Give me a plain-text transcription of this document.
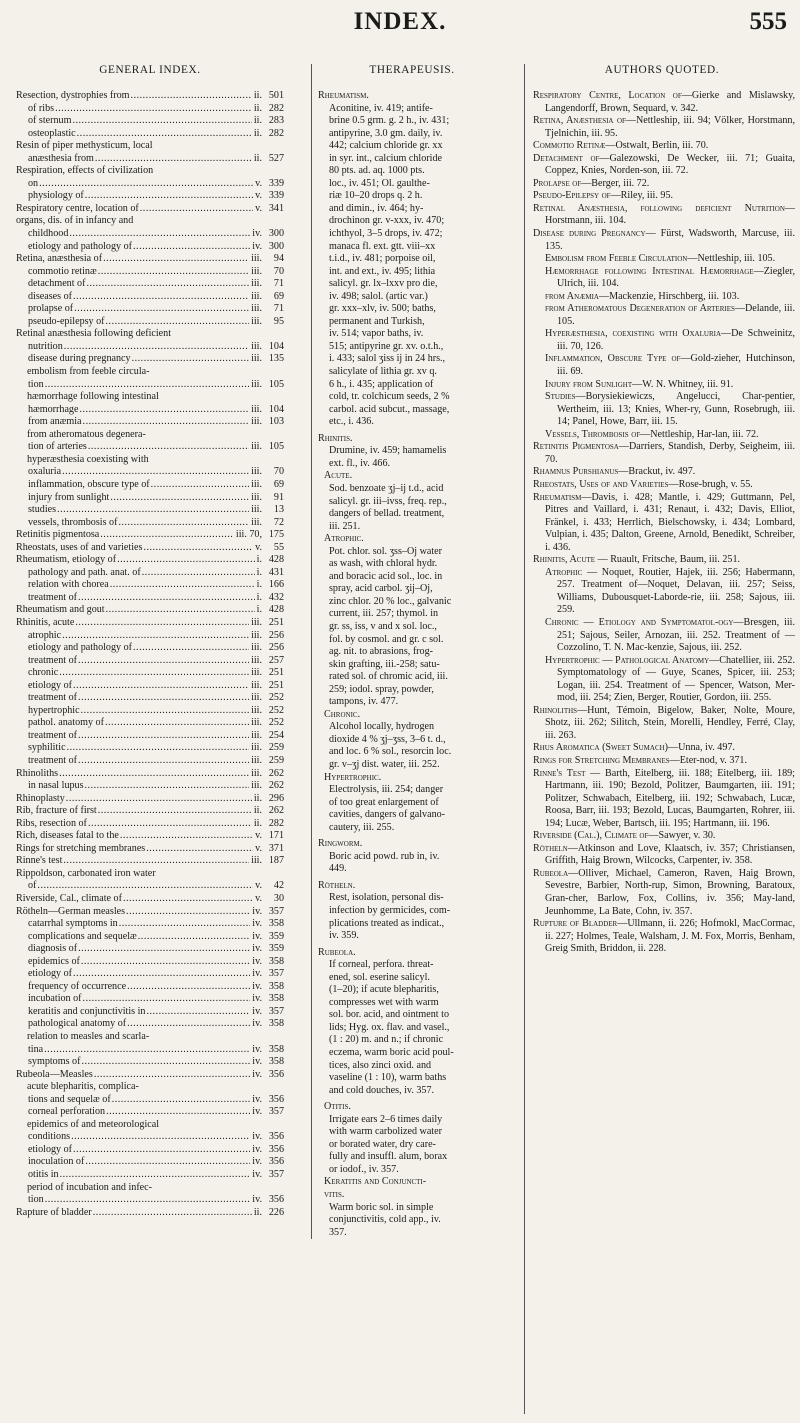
INDEX.	555
GENERAL INDEX.
Resection, dystrophies from .....	ii. 501
of ribs .....	ii. 282
of sternum .....	ii. 283
osteoplastic .....	ii. 282
Resin of piper methysticum, local
anæsthesia from .....	ii. 527
Respiration, effects of civilization
on .....	v. 339
physiology of .....	v. 339
Respiratory centre, location of .....	v. 341
organs, dis. of in infancy and
childhood .....	iv. 300
etiology and pathology of .....	iv. 300
Retina, anæsthesia of .....	iii.	94
commotio retinæ .....	iii.	70
detachment of .....	iii.	71
diseases of .....	iii.	69
prolapse of .....	iii.	71
pseudo-epilepsy of .....	iii.	95
Retinal anæsthesia following deficient
nutrition .....	iii. 104
disease during pregnancy .....	iii. 135
embolism from feeble circula-
tion .....	iii. 105
hæmorrhage following intestinal
hæmorrhage .....	iii. 104
from anæmia .....	iii. 103
from atheromatous degenera-
tion of arteries .....	iii. 105
hyperæsthesia coexisting with
oxaluria .....	iii.	70
inflammation, obscure type of .....	iii.	69
injury from sunlight .....	iii.	91
studies .....	iii.	13
vessels, thrombosis of .....	iii.	72
Retinitis pigmentosa .....	iii. 70, 175
Rheostats, uses of and varieties .....	v.	55
Rheumatism, etiology of .....	i. 428
pathology and path. anat. of .....	i. 431
relation with chorea .....	i. 166
treatment of .....	i. 432
Rheumatism and gout .....	i. 428
Rhinitis, acute .....	iii. 251
atrophic .....	iii. 256
etiology and pathology of .....	iii. 256
treatment of .....	iii. 257
chronic .....	iii. 251
etiology of .....	iii. 251
treatment of .....	iii. 252
hypertrophic .....	iii. 252
pathol. anatomy of .....	iii. 252
treatment of .....	iii. 254
syphilitic .....	iii. 259
treatment of .....	iii. 259
Rhinoliths .....	iii. 262
in nasal lupus .....	iii. 262
Rhinoplasty .....	ii. 296
Rib, fracture of first .....	ii. 262
Ribs, resection of .....	ii. 282
Rich, diseases fatal to the .....	v. 171
Rings for stretching membranes .....	v. 371
Rinne's test .....	iii. 187
Rippoldson, carbonated iron water
of .....	v.	42
Riverside, Cal., climate of .....	v.	30
Rötheln—German measles .....	iv. 357
catarrhal symptoms in .....	iv. 358
complications and sequelæ .....	iv. 359
diagnosis of .....	iv. 359
epidemics of .....	iv. 358
etiology of .....	iv. 357
frequency of occurrence .....	iv. 358
incubation of .....	iv. 358
keratitis and conjunctivitis in .....	iv. 357
pathological anatomy of .....	iv. 358
relation to measles and scarla-
tina .....	iv. 358
symptoms of .....	iv. 358
Rubeola—Measles .....	iv. 356
acute blepharitis, complica-
tions and sequelæ of .....	iv. 356
corneal perforation .....	iv. 357
epidemics of and meteorological
conditions .....	iv. 356
etiology of .....	iv. 356
inoculation of .....	iv. 356
otitis in .....	iv. 357
period of incubation and infec-
tion .....	iv. 356
Rapture of bladder .....	ii. 226
THERAPEUSIS.
Rheumatism.
Aconitine, iv. 419; antife-
brine 0.5 grm. g. 2 h., iv. 431;
antipyrine, 3.0 gm. daily, iv.
442; calcium chloride gr. xx
in syr. int., calcium chloride
80 pts. ad. aq. 1000 pts.
loc., iv. 451; Ol. gaulthe-
riæ 10–20 drops q. 2 h.
and dimin., iv. 464; hy-
drochinon gr. v-xxx, iv. 470;
ichthyol, 3–5 drops, iv. 472;
manaca fl. ext. gtt. viii–xx
t.i.d., iv. 481; porpoise oil,
int. and ext., iv. 495; lithia
salicyl. gr. lx–lxxv pro die,
iv. 498; salol. (artic var.)
gr. xxx–xlv, iv. 500; baths,
permanent and Turkish,
iv. 514; vapor baths, iv.
515; antipyrine gr. xv. o.t.h.,
i. 433; salol ʒiss ij in 24 hrs.,
salicylate of lithia gr. xv q.
6 h., i. 435; application of
cold, tr. colchicum seeds, 2 %
carbol. acid subcut., massage,
etc., i. 436.
Rhinitis.
Drumine, iv. 459; hamamelis
ext. fl., iv. 466.
Acute.
Sod. benzoate ʒj–ij t.d., acid
salicyl. gr. iii–ivss, freq. rep.,
dangers of bellad. treatment,
iii. 251.
Atrophic.
Pot. chlor. sol. ʒss–Oj water
as wash, with chloral hydr.
and boracic acid sol., loc. in
spray, acid carbol. ʒij–Oj,
zinc chlor. 20 % loc., galvanic
current, iii. 257; thymol. in
gr. ss, iss, v and x sol. loc.,
fol. by cosmol. and gr. c sol.
ag. nit. to abrasions, frog-
skin grafting, iii.-258; satu-
rated sol. of chromic acid, iii.
259; iodol. spray, powder,
tampons, iv. 477.
Chronic.
Alcohol locally, hydrogen
dioxide 4 % ʒj–ʒss, 3–6 t. d.,
and loc. 6 % sol., resorcin loc.
gr. v–ʒj dist. water, iii. 252.
Hypertrophic.
Electrolysis, iii. 254; danger
of too great enlargement of
cavities, dangers of galvano-
cautery, iii. 255.
Ringworm.
Boric acid powd. rub in, iv.
449.
Rötheln.
Rest, isolation, personal dis-
infection by germicides, com-
plications treated as indicat.,
iv. 359.
Rubeola.
If corneal, perfora. threat-
ened, sol. eserine salicyl.
(1–20); if acute blepharitis,
compresses wet with warm
sol. bor. acid, and ointment to
lids; Hyg. ox. flav. and vasel.,
(1 : 20) m. and n.; if chronic
eczema, warm boric acid poul-
tices, also zinci oxid. and
vaseline (1 : 10), warm baths
and cold douches, iv. 357.
Otitis.
Irrigate ears 2–6 times daily
with warm carbolized water
or borated water, dry care-
fully and insuffl. alum, borax
or iodof., iv. 357.
Keratitis and Conjuncti-
vitis.
Warm boric sol. in simple
conjunctivitis, cold app., iv.
357.
AUTHORS QUOTED.
Respiratory Centre, Location of—Gierke and Mislawsky, Langendorff, Brown, Sequard, v. 342.
Retina, Anæsthesia of—Nettleship, iii. 94; Völker, Horstmann, Tjelnichin, iii. 95.
Commotio Retinæ—Ostwalt, Berlin, iii. 70.
Detachment of—Galezowski, De Wecker, iii. 71; Guaita, Coppez, Knies, Norden-son, iii. 72.
Prolapse of—Berger, iii. 72.
Pseudo-Epilepsy of—Riley, iii. 95.
Retinal Anæsthesia, following deficient Nutrition—Horstmann, iii. 104.
Disease during Pregnancy— Fürst, Wadsworth, Marcuse, iii. 135.
Embolism from Feeble Circulation—Nettleship, iii. 105.
Hæmorrhage following Intestinal Hæmorrhage—Ziegler, Ulrich, iii. 104.
from Anæmia—Mackenzie, Hirschberg, iii. 103.
from Atheromatous Degeneration of Arteries—Delande, iii. 105.
Hyperæsthesia, coexisting with Oxaluria—De Schweinitz, iii. 70, 126.
Inflammation, Obscure Type of—Gold-zieher, Hutchinson, iii. 69.
Injury from Sunlight—W. N. Whitney, iii. 91.
Studies—Borysiekiewiczs, Angelucci, Char-pentier, Wertheim, iii. 13; Knies, Wher-ry, Gunn, Rosebrugh, iii. 14; Panel, Howe, Barr, iii. 15.
Vessels, Thrombosis of—Nettleship, Har-lan, iii. 72.
Retinitis Pigmentosa—Darriers, Standish, Derby, Seigheim, iii. 70.
Rhamnus Purshianus—Brackut, iv. 497.
Rheostats, Uses of and Varieties—Rose-brugh, v. 55.
Rheumatism—Davis, i. 428; Mantle, i. 429; Guttmann, Pel, Pitres and Vaillard, i. 431; Renaut, i. 432; Davis, Elliot, Fränkel, i. 433; Herrlich, Bielschowsky, i. 434; Lombard, Vulpian, i. 435; Dalton, Greene, Arnold, Benedikt, Schreiber, i. 436.
Rhinitis, Acute — Ruault, Fritsche, Baum, iii. 251.
Atrophic — Noquet, Routier, Hajek, iii. 256; Habermann, 257. Treatment of—Noquet, Delavan, iii. 257; Seiss, Williams, Dubousquet-Laborde-rie, iii. 258; Sajous, iii. 259.
Chronic — Etiology and Symptomatol-ogy—Bresgen, iii. 251; Sajous, Seiler, Arnozan, iii. 252. Treatment of — Cozzolino, T. N. Mac-kenzie, Sajous, iii. 252.
Hypertrophic — Pathological Anatomy—Chatellier, iii. 252. Symptomatology of — Guye, Scanes, Spicer, iii. 253; Logan, iii. 254. Treatment of — Spencer, Watson, Mer-mod, iii. 254; Zien, Berger, Routier, Gordon, iii. 255.
Rhinoliths—Hunt, Témoin, Bigelow, Baker, Nolte, Moure, Shotz, iii. 262; Silitch, Stein, Morelli, Hendley, Ferré, Clay, iii. 263.
Rhus Aromatica (Sweet Sumach)—Unna, iv. 497.
Rings for Stretching Membranes—Eter-nod, v. 371.
Rinne's Test — Barth, Eitelberg, iii. 188; Eitelberg, iii. 189; Hartmann, iii. 190; Bezold, Politzer, Baumgarten, iii. 191; Politzer, Schwabach, Eitelberg, iii. 192; Schwabach, Lucæ, Roosa, Barr, iii. 193; Bezold, Lucas, Baumgarten, Rohrer, iii. 194; Lucæ, Weber, Bartsch, iii. 195; Hartmann, iii. 196.
Riverside (Cal.), Climate of—Sawyer, v. 30.
Rötheln—Atkinson and Love, Klaatsch, iv. 357; Christiansen, Griffith, Haig Brown, Wilcocks, Carpenter, iv. 358.
Rubeola—Olliver, Michael, Cameron, Raven, Haig Brown, Sevestre, Barbier, North-rup, Simon, Browning, Baratoux, Gran-cher, Barlow, Fox, Collins, iv. 356; May-land, Jeunhomme, La Bate, Cohn, iv. 357.
Rupture of Bladder—Ullmann, ii. 226; Hofmokl, MacCormac, ii. 227; Holmes, Teale, Walsham, J. M. Fox, Morris, Benham, Greig Smith, Briddon, ii. 228.
